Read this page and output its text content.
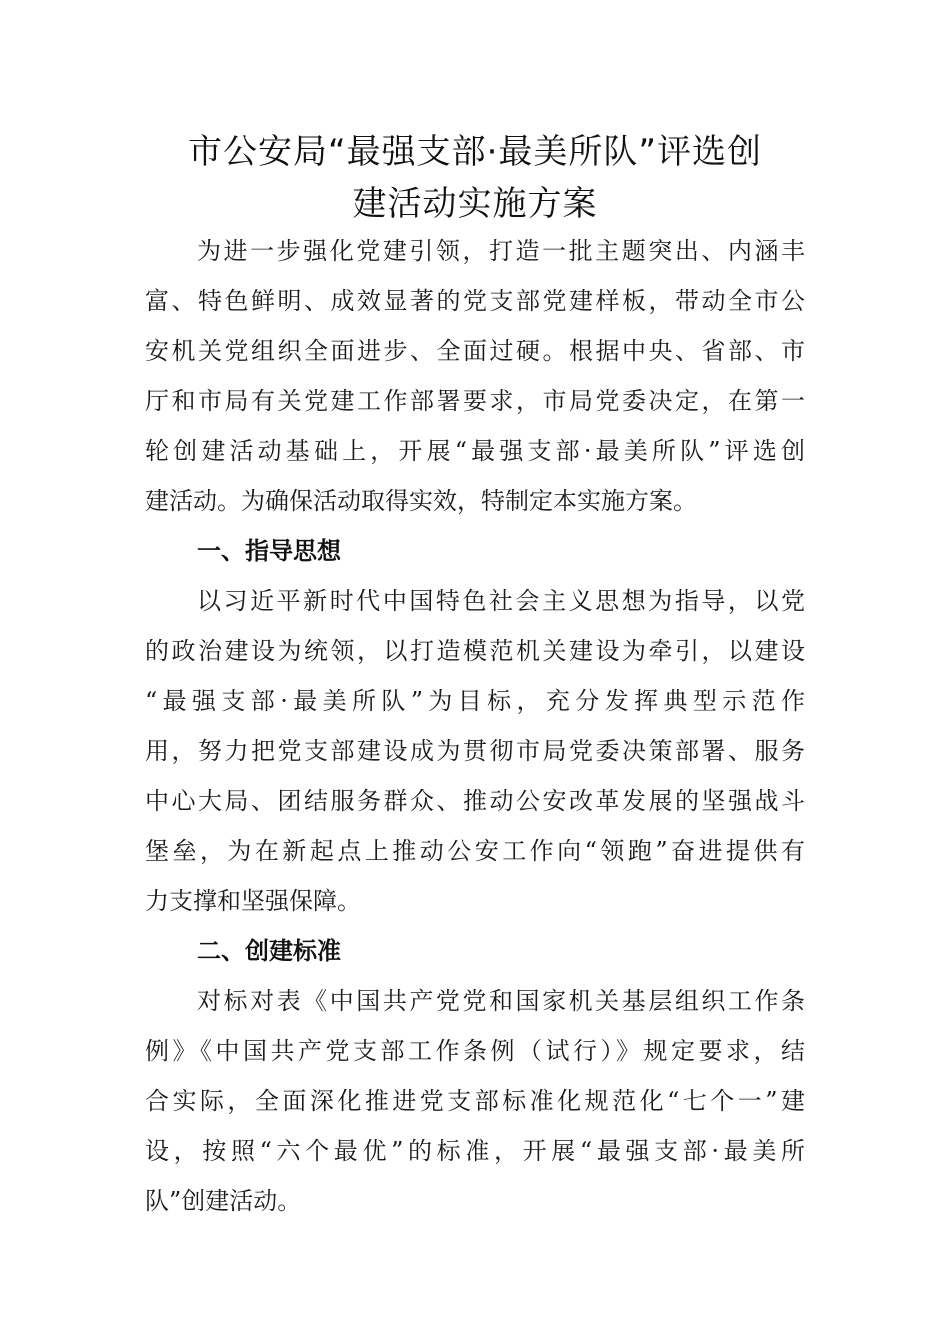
市公安局“最强支部·最美所队”评选创
建活动实施方案

为进一步强化党建引领，打造一批主题突出、内涵丰

富、特色鲜明、成效显著的党支部党建样板，带动全市公

安机关党组织全面进步、全面过硬。根据中央、省部、市

厅和市局有关党建工作部署要求，市局党委决定，在第一

轮创建活动基础上，开展“最强支部·最美所队”评选创

建活动。为确保活动取得实效，特制定本实施方案。

一、指导思想

以习近平新时代中国特色社会主义思想为指导，以党

的政治建设为统领，以打造模范机关建设为牵引，以建设

“最强支部·最美所队”为目标，充分发挥典型示范作

用，努力把党支部建设成为贯彻市局党委决策部署、服务

中心大局、团结服务群众、推动公安改革发展的坚强战斗

堡垒，为在新起点上推动公安工作向“领跑”奋进提供有

力支撑和坚强保障。

二、创建标准

对标对表《中国共产党党和国家机关基层组织工作条

例》《中国共产党支部工作条例（试行）》规定要求，结

合实际，全面深化推进党支部标准化规范化“七个一”建

设，按照“六个最优”的标准，开展“最强支部·最美所

队”创建活动。
